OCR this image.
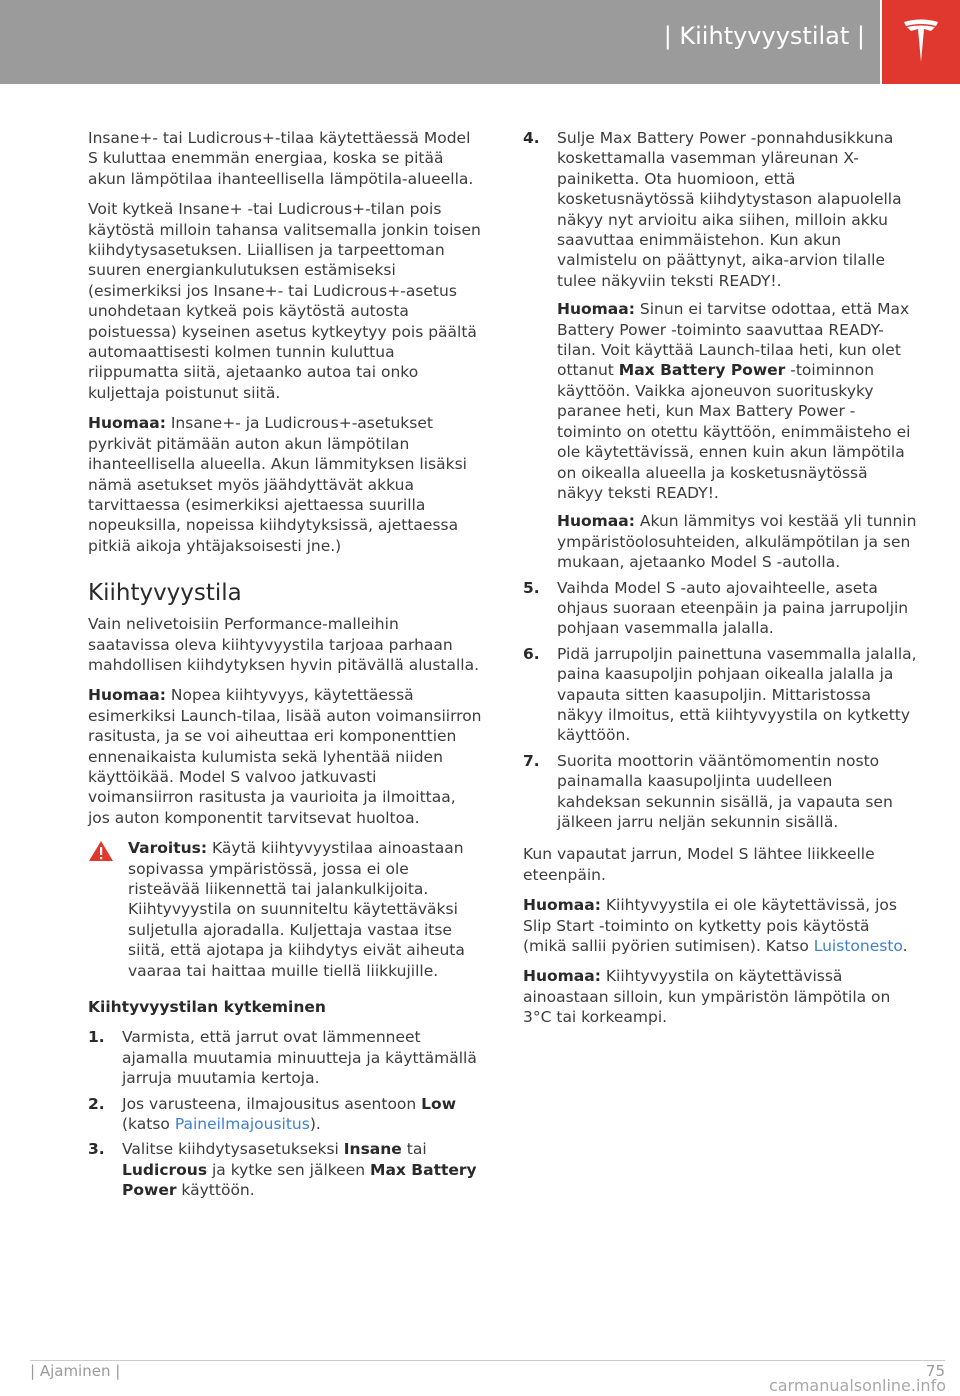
| Kiihtyvyystilat |

Insane+- tai Ludicrous+-tilaa käytettäessä Model S kuluttaa enemmän energiaa, koska se pitää akun lämpötilaa ihanteellisella lämpötila-alueella.

Voit kytkeä Insane+ -tai Ludicrous+-tilan pois käytöstä milloin tahansa valitsemalla jonkin toisen kiihdytysasetuksen. Liiallisen ja tarpeettoman suuren energiankulutuksen estämiseksi (esimerkiksi jos Insane+- tai Ludicrous+-asetus unohdetaan kytkeä pois käytöstä autosta poistuessa) kyseinen asetus kytkeytyy pois päältä automaattisesti kolmen tunnin kuluttua riippumatta siitä, ajetaanko autoa tai onko kuljettaja poistunut siitä.

Huomaa: Insane+- ja Ludicrous+-asetukset pyrkivät pitämään auton akun lämpötilan ihanteellisella alueella. Akun lämmityksen lisäksi nämä asetukset myös jäähdyttävät akkua tarvittaessa (esimerkiksi ajettaessa suurilla nopeuksilla, nopeissa kiihdytyksissä, ajettaessa pitkiä aikoja yhtäjaksoisesti jne.)

Kiihtyvyystila

Vain nelivetoisiin Performance-malleihin saatavissa oleva kiihtyvyystila tarjoaa parhaan mahdollisen kiihdytyksen hyvin pitävällä alustalla.

Huomaa: Nopea kiihtyvyys, käytettäessä esimerkiksi Launch-tilaa, lisää auton voimansiirron rasitusta, ja se voi aiheuttaa eri komponenttien ennenaikaista kulumista sekä lyhentää niiden käyttöikää. Model S valvoo jatkuvasti voimansiirron rasitusta ja vaurioita ja ilmoittaa, jos auton komponentit tarvitsevat huoltoa.

Varoitus: Käytä kiihtyvyystilaa ainoastaan sopivassa ympäristössä, jossa ei ole risteävää liikennettä tai jalankulkijoita. Kiihtyvyystila on suunniteltu käytettäväksi suljetulla ajoradalla. Kuljettaja vastaa itse siitä, että ajotapa ja kiihdytys eivät aiheuta vaaraa tai haittaa muille tiellä liikkujille.
Kiihtyvyystilan kytkeminen
1. Varmista, että jarrut ovat lämmenneet ajamalla muutamia minuutteja ja käyttämällä jarruja muutamia kertoja.
2. Jos varusteena, ilmajousitus asentoon Low (katso Paineilmajousitus).
3. Valitse kiihdytysasetukseksi Insane tai Ludicrous ja kytke sen jälkeen Max Battery Power käyttöön.
4. Sulje Max Battery Power -ponnahdusikkuna koskettamalla vasemman yläreunan X-painiketta. Ota huomioon, että kosketusnäytössä kiihdytystason alapuolella näkyy nyt arvioitu aika siihen, milloin akku saavuttaa enimmäistehon. Kun akun valmistelu on päättynyt, aika-arvion tilalle tulee näkyviin teksti READY!.
Huomaa: Sinun ei tarvitse odottaa, että Max Battery Power -toiminto saavuttaa READY-tilan. Voit käyttää Launch-tilaa heti, kun olet ottanut Max Battery Power -toiminnon käyttöön. Vaikka ajoneuvon suorituskyky paranee heti, kun Max Battery Power -toiminto on otettu käyttöön, enimmäisteho ei ole käytettävissä, ennen kuin akun lämpötila on oikealla alueella ja kosketusnäytössä näkyy teksti READY!.
Huomaa: Akun lämmitys voi kestää yli tunnin ympäristöolosuhteiden, alkulämpötilan ja sen mukaan, ajetaanko Model S -autolla.
5. Vaihda Model S -auto ajovaihteelle, aseta ohjaus suoraan eteenpäin ja paina jarrupoljin pohjaan vasemmalla jalalla.
6. Pidä jarrupoljin painettuna vasemmalla jalalla, paina kaasupoljin pohjaan oikealla jalalla ja vapauta sitten kaasupoljin. Mittaristossa näkyy ilmoitus, että kiihtyvyystila on kytketty käyttöön.
7. Suorita moottorin vääntömomentin nosto painamalla kaasupoljinta uudelleen kahdeksan sekunnin sisällä, ja vapauta sen jälkeen jarru neljän sekunnin sisällä.

Kun vapautat jarrun, Model S lähtee liikkeelle eteenpäin.

Huomaa: Kiihtyvyystila ei ole käytettävissä, jos Slip Start -toiminto on kytketty pois käytöstä (mikä sallii pyörien sutimisen). Katso Luistonesto.

Huomaa: Kiihtyvyystila on käytettävissä ainoastaan silloin, kun ympäristön lämpötila on 3°C tai korkeampi.

| Ajaminen |	75
carmanualsonline.info
